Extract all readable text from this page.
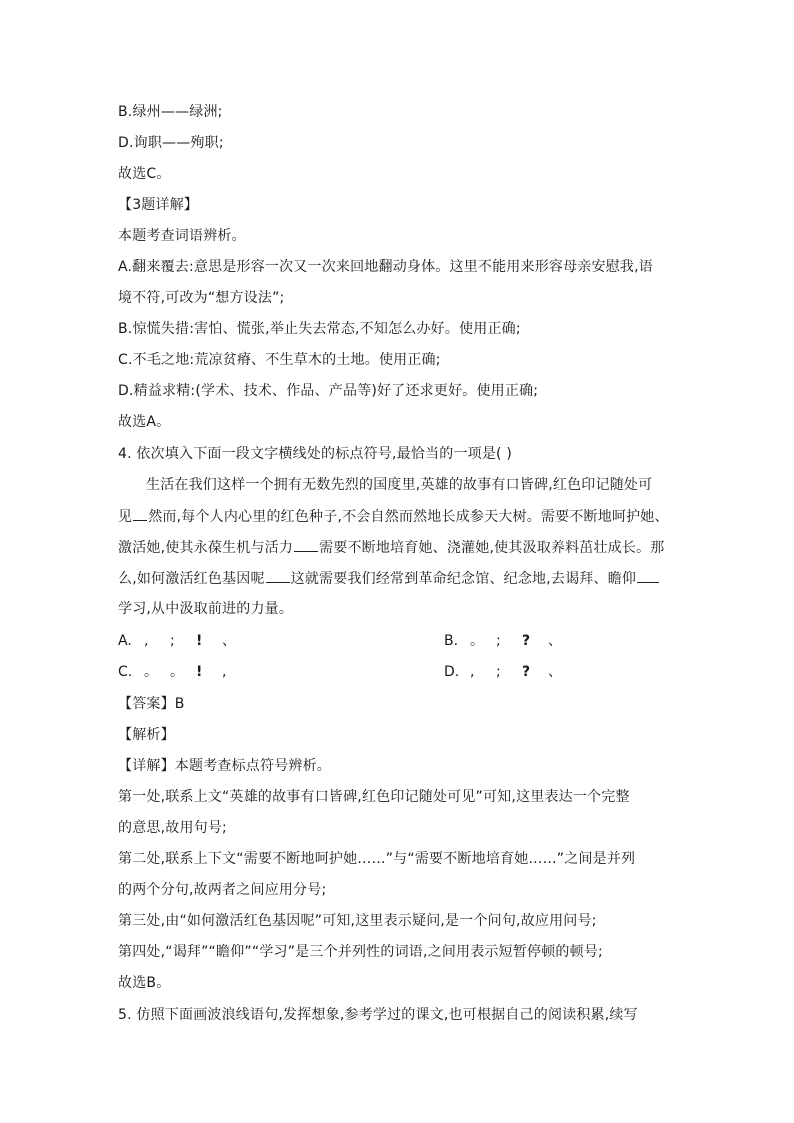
B.绿州——绿洲;
D.询职——殉职;
故选C。
【3题详解】
本题考查词语辨析。
A.翻来覆去:意思是形容一次又一次来回地翻动身体。这里不能用来形容母亲安慰我,语
境不符,可改为“想方设法”;
B.惊慌失措:害怕、慌张,举止失去常态,不知怎么办好。使用正确;
C.不毛之地:荒凉贫瘠、不生草木的土地。使用正确;
D.精益求精:(学术、技术、作品、产品等)好了还求更好。使用正确;
故选A。
4. 依次填入下面一段文字横线处的标点符号,最恰当的一项是( )
生活在我们这样一个拥有无数先烈的国度里,英雄的故事有口皆碑,红色印记随处可
见 然而,每个人内心里的红色种子,不会自然而然地长成参天大树。需要不断地呵护她、
激活她,使其永葆生机与活力 需要不断地培育她、浇灌她,使其汲取养料茁壮成长。那
么,如何激活红色基因呢 这就需要我们经常到革命纪念馆、纪念地,去谒拜、瞻仰
学习,从中汲取前进的力量。
A. , ; ! 、	B. 。 ; ? 、
C. 。 。 ! ,	D. , ; ? 、
【答案】B
【解析】
【详解】本题考查标点符号辨析。
第一处,联系上文“英雄的故事有口皆碑,红色印记随处可见”可知,这里表达一个完整
的意思,故用句号;
第二处,联系上下文“需要不断地呵护她……”与“需要不断地培育她……”之间是并列
的两个分句,故两者之间应用分号;
第三处,由“如何激活红色基因呢”可知,这里表示疑问,是一个问句,故应用问号;
第四处,“谒拜”“瞻仰”“学习”是三个并列性的词语,之间用表示短暂停顿的顿号;
故选B。
5. 仿照下面画波浪线语句,发挥想象,参考学过的课文,也可根据自己的阅读积累,续写
